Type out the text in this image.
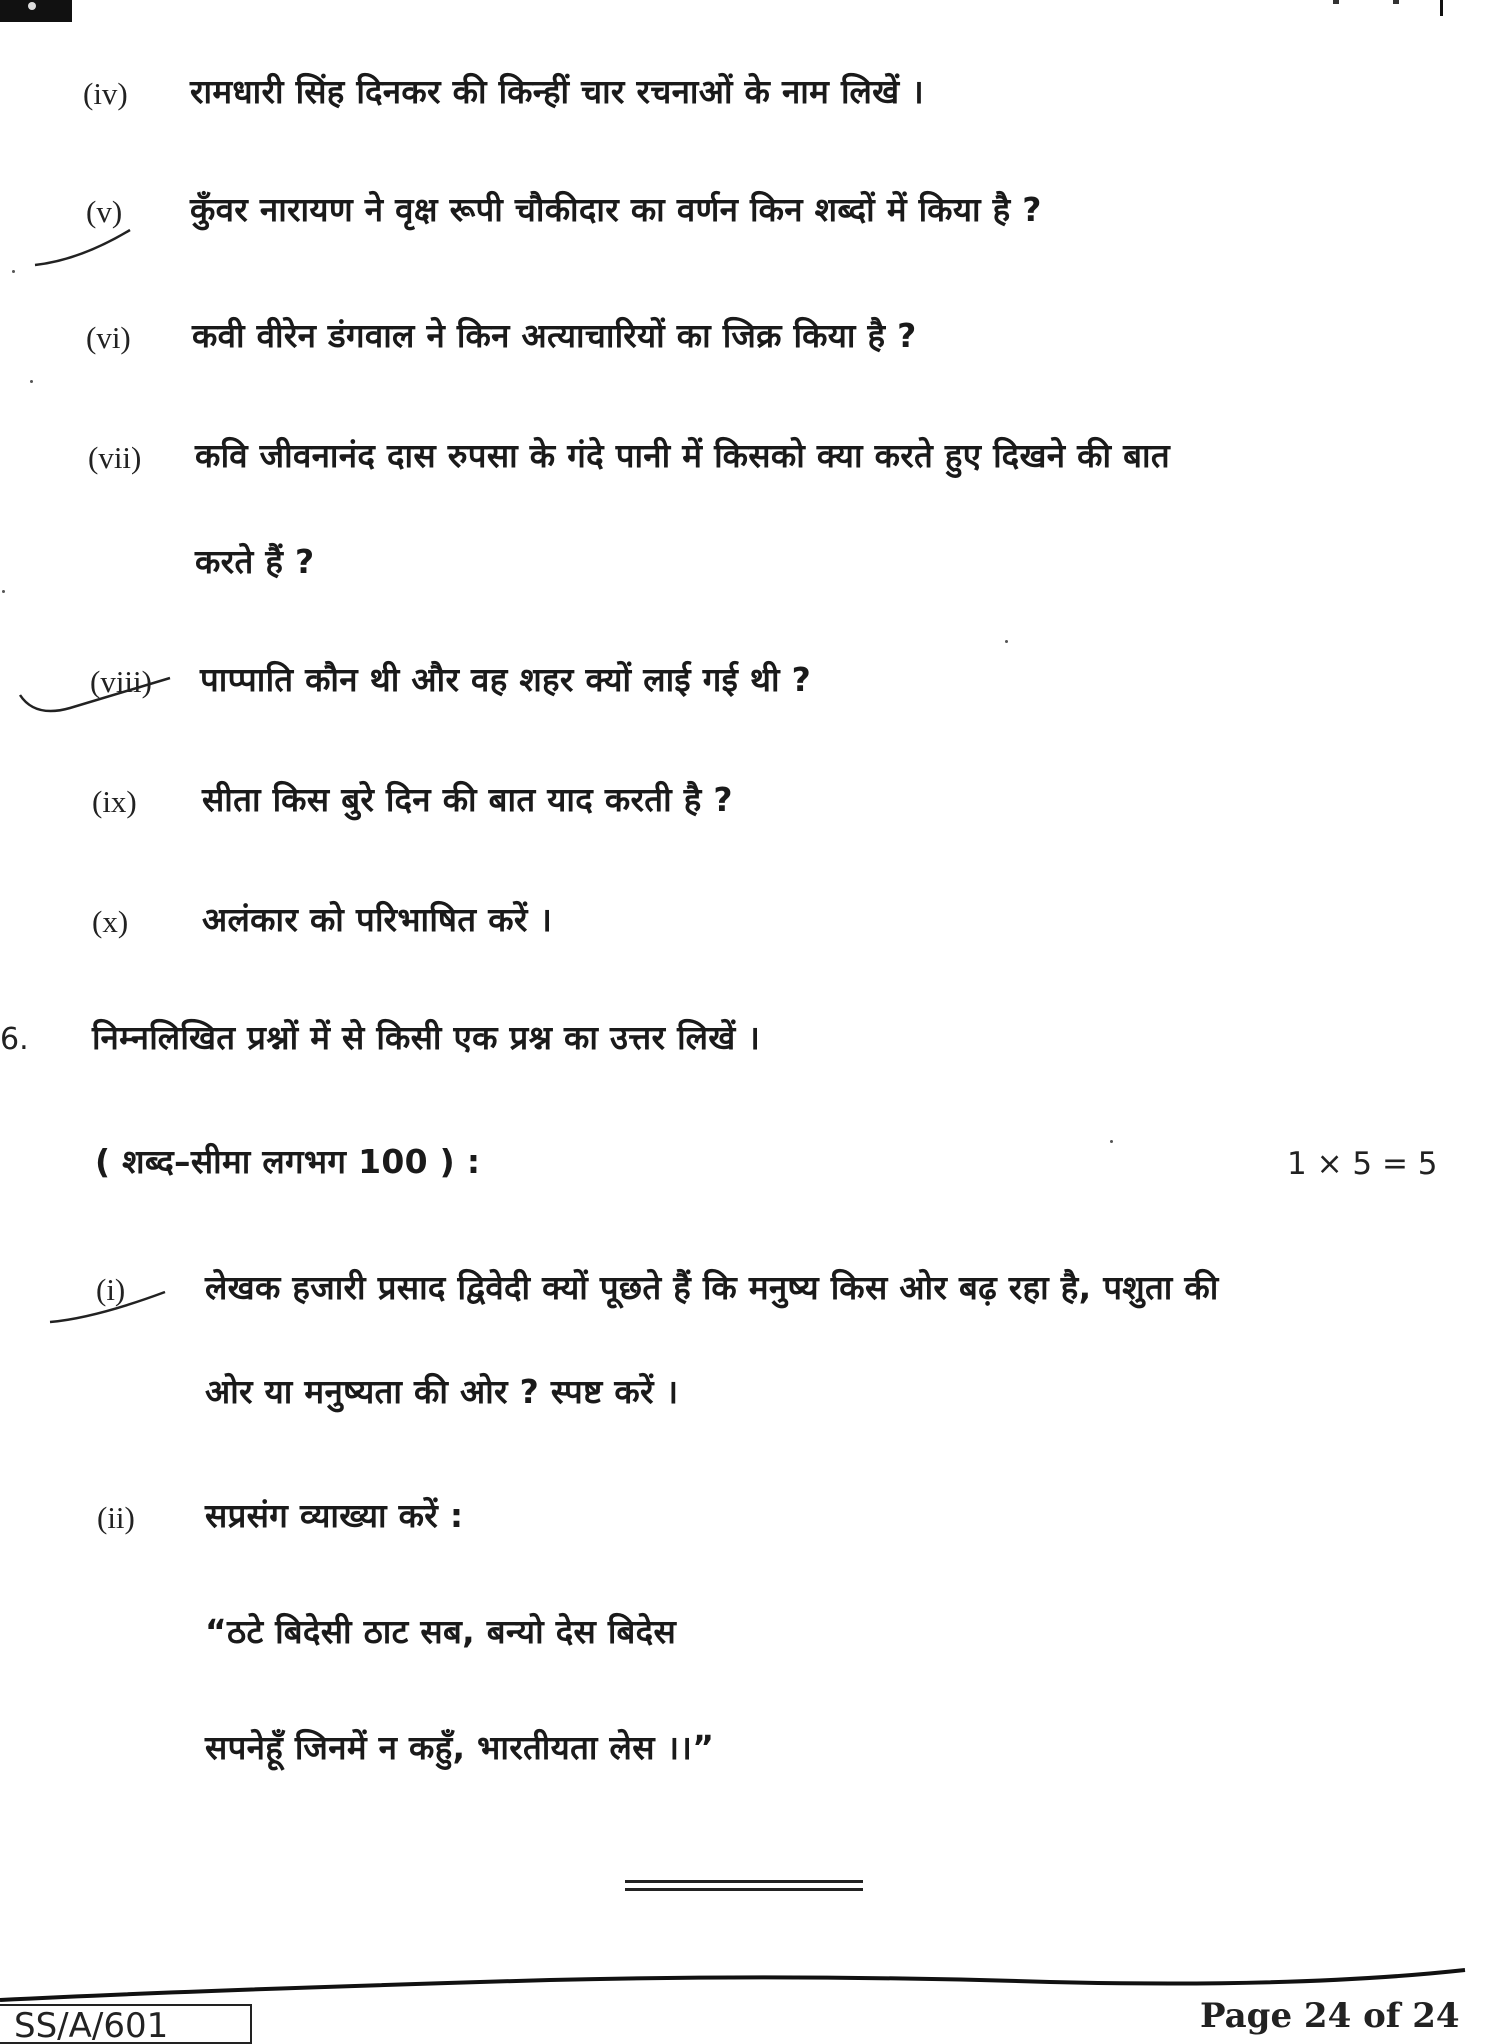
(iv) रामधारी सिंह दिनकर की किन्हीं चार रचनाओं के नाम लिखें ।
(v) कुँवर नारायण ने वृक्ष रूपी चौकीदार का वर्णन किन शब्दों में किया है ?
(vi) कवी वीरेन डंगवाल ने किन अत्याचारियों का जिक्र किया है ?
(vii) कवि जीवनानंद दास रुपसा के गंदे पानी में किसको क्या करते हुए दिखने की बात
करते हैं ?
(viii) पाप्पाति कौन थी और वह शहर क्यों लाई गई थी ?
(ix) सीता किस बुरे दिन की बात याद करती है ?
(x) अलंकार को परिभाषित करें ।
6. निम्नलिखित प्रश्नों में से किसी एक प्रश्न का उत्तर लिखें ।
( शब्द–सीमा लगभग 100 ) :	1 × 5 = 5
(i) लेखक हजारी प्रसाद द्विवेदी क्यों पूछते हैं कि मनुष्य किस ओर बढ़ रहा है, पशुता की
ओर या मनुष्यता की ओर ? स्पष्ट करें ।
(ii) सप्रसंग व्याख्या करें :
“ठटे बिदेसी ठाट सब, बन्यो देस बिदेस
सपनेहूँ जिनमें न कहुँ, भारतीयता लेस ।।”
SS/A/601	Page 24 of 24
